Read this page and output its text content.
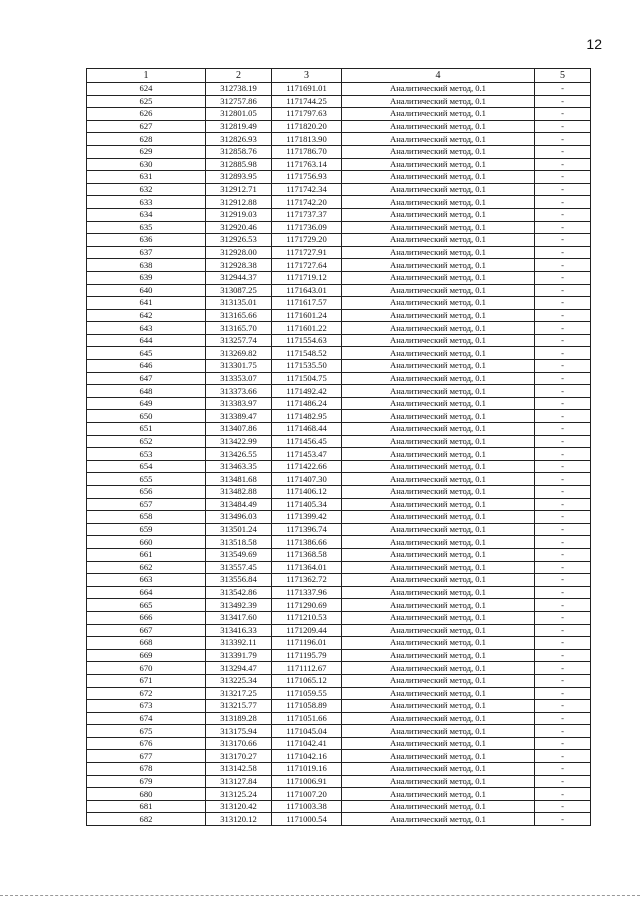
12
1	2	3	4	5
624	312738.19	1171691.01	Аналитический метод, 0.1	-
625	312757.86	1171744.25	Аналитический метод, 0.1	-
626	312801.05	1171797.63	Аналитический метод, 0.1	-
627	312819.49	1171820.20	Аналитический метод, 0.1	-
628	312826.93	1171813.90	Аналитический метод, 0.1	-
629	312858.76	1171786.70	Аналитический метод, 0.1	-
630	312885.98	1171763.14	Аналитический метод, 0.1	-
631	312893.95	1171756.93	Аналитический метод, 0.1	-
632	312912.71	1171742.34	Аналитический метод, 0.1	-
633	312912.88	1171742.20	Аналитический метод, 0.1	-
634	312919.03	1171737.37	Аналитический метод, 0.1	-
635	312920.46	1171736.09	Аналитический метод, 0.1	-
636	312926.53	1171729.20	Аналитический метод, 0.1	-
637	312928.00	1171727.91	Аналитический метод, 0.1	-
638	312928.38	1171727.64	Аналитический метод, 0.1	-
639	312944.37	1171719.12	Аналитический метод, 0.1	-
640	313087.25	1171643.01	Аналитический метод, 0.1	-
641	313135.01	1171617.57	Аналитический метод, 0.1	-
642	313165.66	1171601.24	Аналитический метод, 0.1	-
643	313165.70	1171601.22	Аналитический метод, 0.1	-
644	313257.74	1171554.63	Аналитический метод, 0.1	-
645	313269.82	1171548.52	Аналитический метод, 0.1	-
646	313301.75	1171535.50	Аналитический метод, 0.1	-
647	313353.07	1171504.75	Аналитический метод, 0.1	-
648	313373.66	1171492.42	Аналитический метод, 0.1	-
649	313383.97	1171486.24	Аналитический метод, 0.1	-
650	313389.47	1171482.95	Аналитический метод, 0.1	-
651	313407.86	1171468.44	Аналитический метод, 0.1	-
652	313422.99	1171456.45	Аналитический метод, 0.1	-
653	313426.55	1171453.47	Аналитический метод, 0.1	-
654	313463.35	1171422.66	Аналитический метод, 0.1	-
655	313481.68	1171407.30	Аналитический метод, 0.1	-
656	313482.88	1171406.12	Аналитический метод, 0.1	-
657	313484.49	1171405.34	Аналитический метод, 0.1	-
658	313496.03	1171399.42	Аналитический метод, 0.1	-
659	313501.24	1171396.74	Аналитический метод, 0.1	-
660	313518.58	1171386.66	Аналитический метод, 0.1	-
661	313549.69	1171368.58	Аналитический метод, 0.1	-
662	313557.45	1171364.01	Аналитический метод, 0.1	-
663	313556.84	1171362.72	Аналитический метод, 0.1	-
664	313542.86	1171337.96	Аналитический метод, 0.1	-
665	313492.39	1171290.69	Аналитический метод, 0.1	-
666	313417.60	1171210.53	Аналитический метод, 0.1	-
667	313416.33	1171209.44	Аналитический метод, 0.1	-
668	313392.11	1171196.01	Аналитический метод, 0.1	-
669	313391.79	1171195.79	Аналитический метод, 0.1	-
670	313294.47	1171112.67	Аналитический метод, 0.1	-
671	313225.34	1171065.12	Аналитический метод, 0.1	-
672	313217.25	1171059.55	Аналитический метод, 0.1	-
673	313215.77	1171058.89	Аналитический метод, 0.1	-
674	313189.28	1171051.66	Аналитический метод, 0.1	-
675	313175.94	1171045.04	Аналитический метод, 0.1	-
676	313170.66	1171042.41	Аналитический метод, 0.1	-
677	313170.27	1171042.16	Аналитический метод, 0.1	-
678	313142.58	1171019.16	Аналитический метод, 0.1	-
679	313127.84	1171006.91	Аналитический метод, 0.1	-
680	313125.24	1171007.20	Аналитический метод, 0.1	-
681	313120.42	1171003.38	Аналитический метод, 0.1	-
682	313120.12	1171000.54	Аналитический метод, 0.1	-
